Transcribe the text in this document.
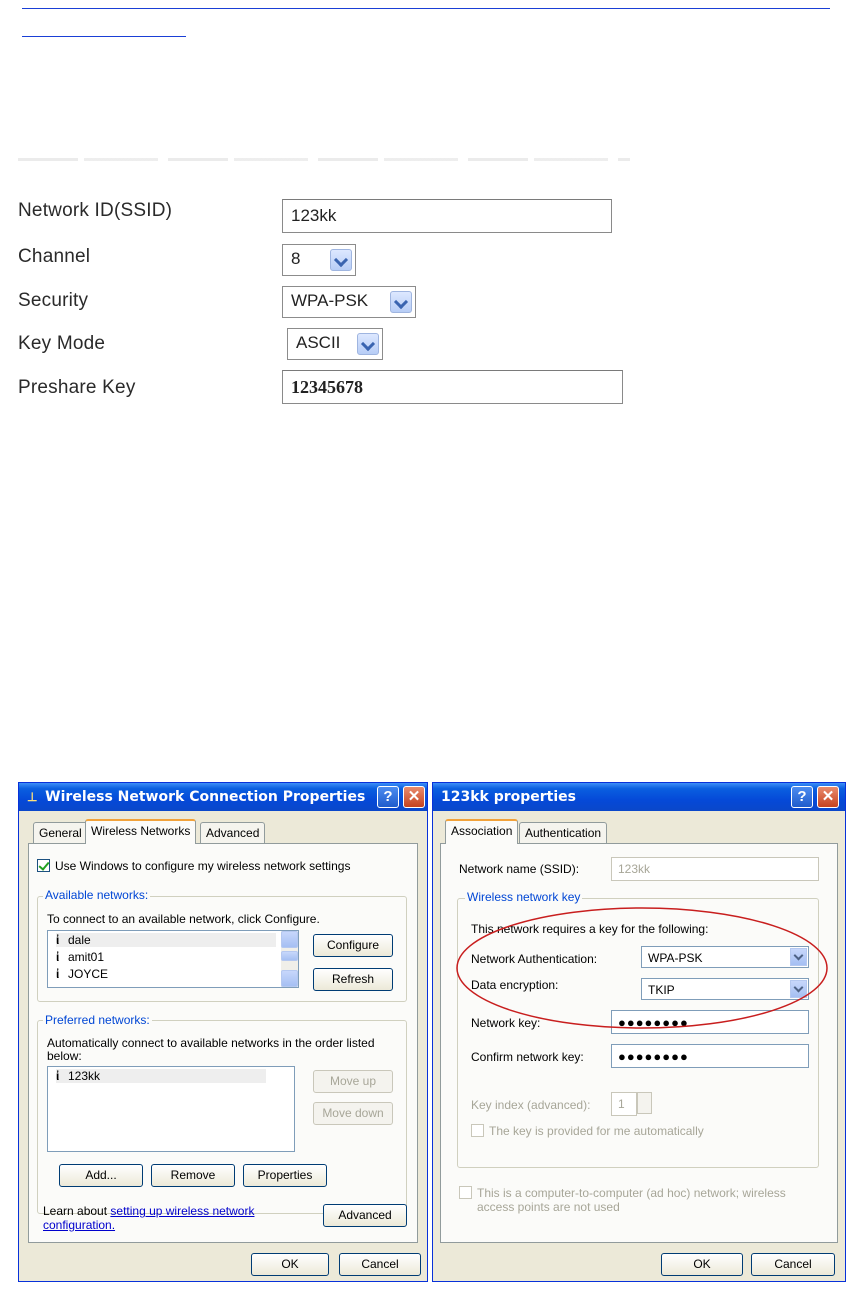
Network ID(SSID)	123kk
Channel	8
Security	WPA-PSK
Key Mode	ASCII
Preshare Key	12345678
⊥ Wireless Network Connection Properties	?	✕
General Wireless Networks	Advanced
Use Windows to configure my wireless network settings
Available networks:
To connect to an available network, click Configure.
ἰ dale
ἰ amit01
ἰ JOYCE
Configure
Refresh
Preferred networks:
Automatically connect to available networks in the order listed
below:
ἰ 123kk	Move up
Move down
Add...	Remove	Properties
Learn about setting up wireless network
configuration.
Advanced
OK	Cancel
123kk properties	?	✕
Association	Authentication
Network name (SSID):	123kk
Wireless network key
This network requires a key for the following:
Network Authentication:	WPA-PSK
Data encryption:	TKIP
Network key:	●●●●●●●●
Confirm network key:	●●●●●●●●
Key index (advanced):	1
The key is provided for me automatically
This is a computer-to-computer (ad hoc) network; wireless
access points are not used
OK	Cancel
